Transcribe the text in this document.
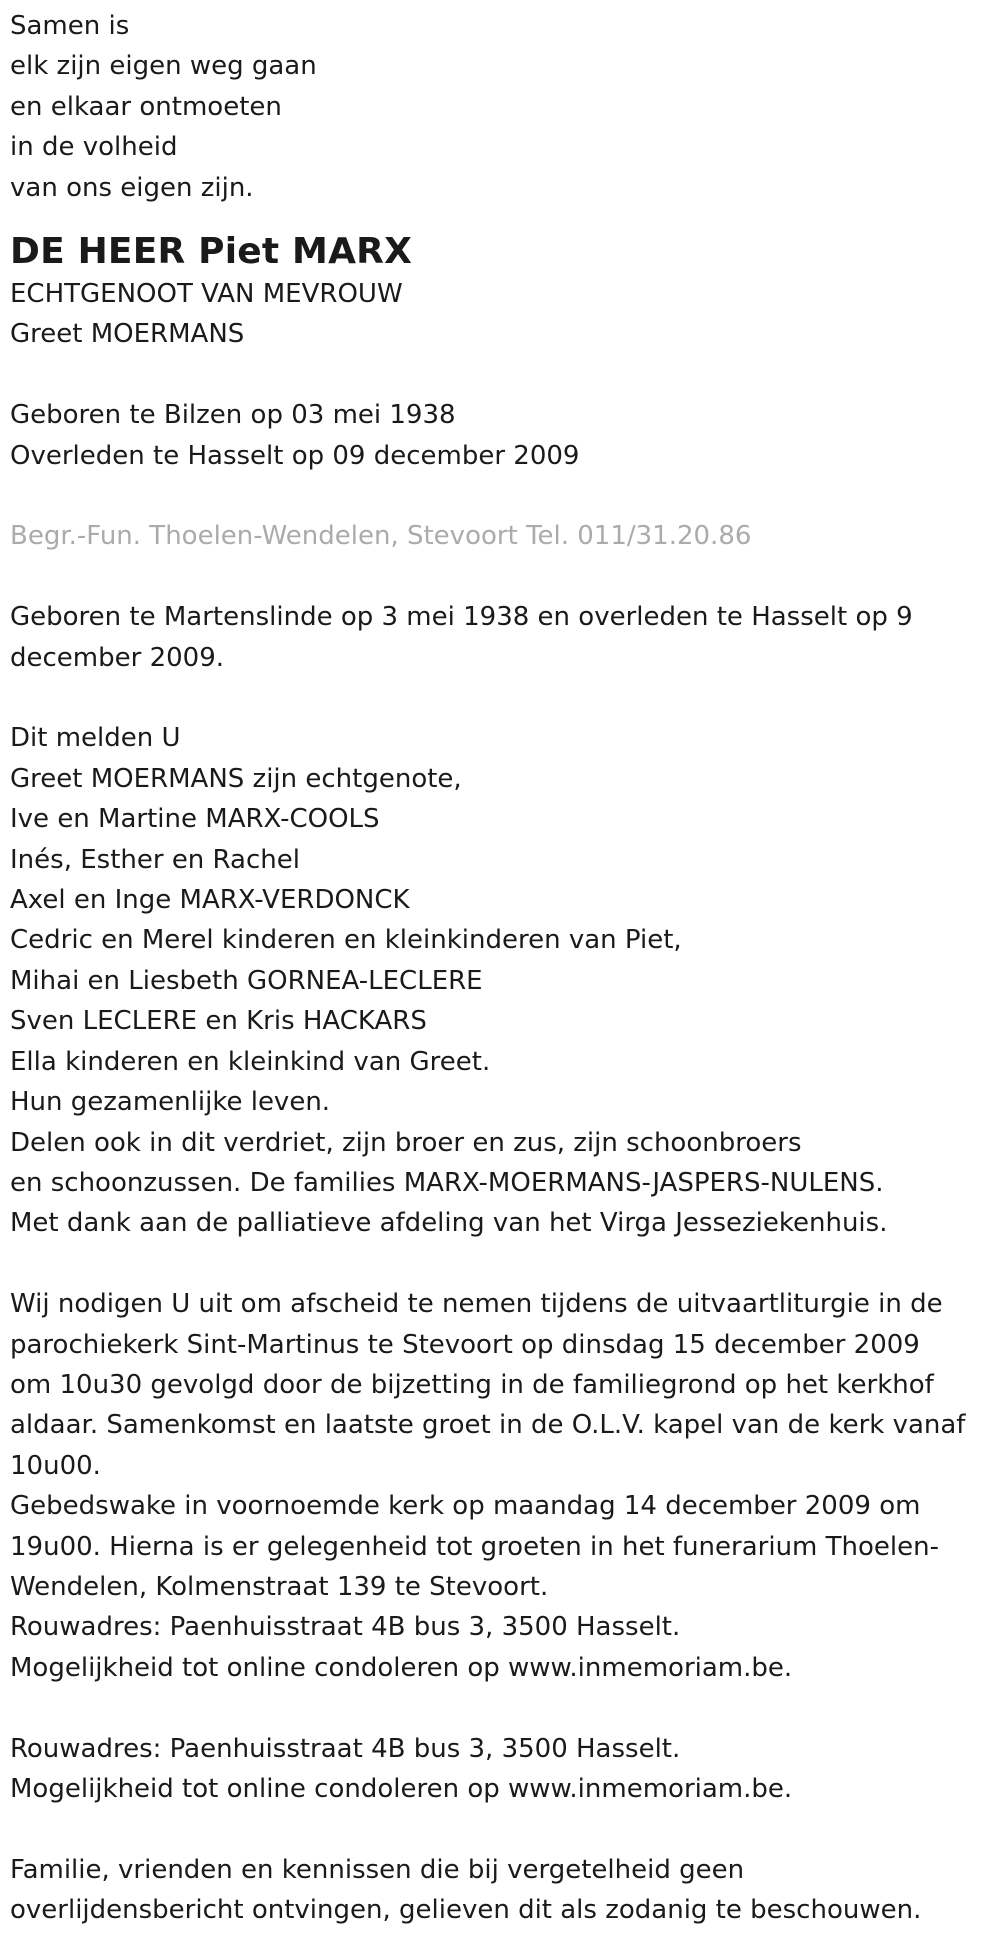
Samen is
elk zijn eigen weg gaan
en elkaar ontmoeten
in de volheid
van ons eigen zijn.
DE HEER Piet MARX
ECHTGENOOT VAN MEVROUW
Greet MOERMANS
Geboren te Bilzen op 03 mei 1938
Overleden te Hasselt op 09 december 2009
Begr.-Fun. Thoelen-Wendelen, Stevoort Tel. 011/31.20.86
Geboren te Martenslinde op 3 mei 1938 en overleden te Hasselt op 9
december 2009.
Dit melden U
Greet MOERMANS zijn echtgenote,
Ive en Martine MARX-COOLS
Inés, Esther en Rachel
Axel en Inge MARX-VERDONCK
Cedric en Merel kinderen en kleinkinderen van Piet,
Mihai en Liesbeth GORNEA-LECLERE
Sven LECLERE en Kris HACKARS
Ella kinderen en kleinkind van Greet.
Hun gezamenlijke leven.
Delen ook in dit verdriet, zijn broer en zus, zijn schoonbroers
en schoonzussen. De families MARX-MOERMANS-JASPERS-NULENS.
Met dank aan de palliatieve afdeling van het Virga Jesseziekenhuis.
Wij nodigen U uit om afscheid te nemen tijdens de uitvaartliturgie in de
parochiekerk Sint-Martinus te Stevoort op dinsdag 15 december 2009
om 10u30 gevolgd door de bijzetting in de familiegrond op het kerkhof
aldaar. Samenkomst en laatste groet in de O.L.V. kapel van de kerk vanaf
10u00.
Gebedswake in voornoemde kerk op maandag 14 december 2009 om
19u00. Hierna is er gelegenheid tot groeten in het funerarium Thoelen-
Wendelen, Kolmenstraat 139 te Stevoort.
Rouwadres: Paenhuisstraat 4B bus 3, 3500 Hasselt.
Mogelijkheid tot online condoleren op www.inmemoriam.be.
Rouwadres: Paenhuisstraat 4B bus 3, 3500 Hasselt.
Mogelijkheid tot online condoleren op www.inmemoriam.be.
Familie, vrienden en kennissen die bij vergetelheid geen
overlijdensbericht ontvingen, gelieven dit als zodanig te beschouwen.
